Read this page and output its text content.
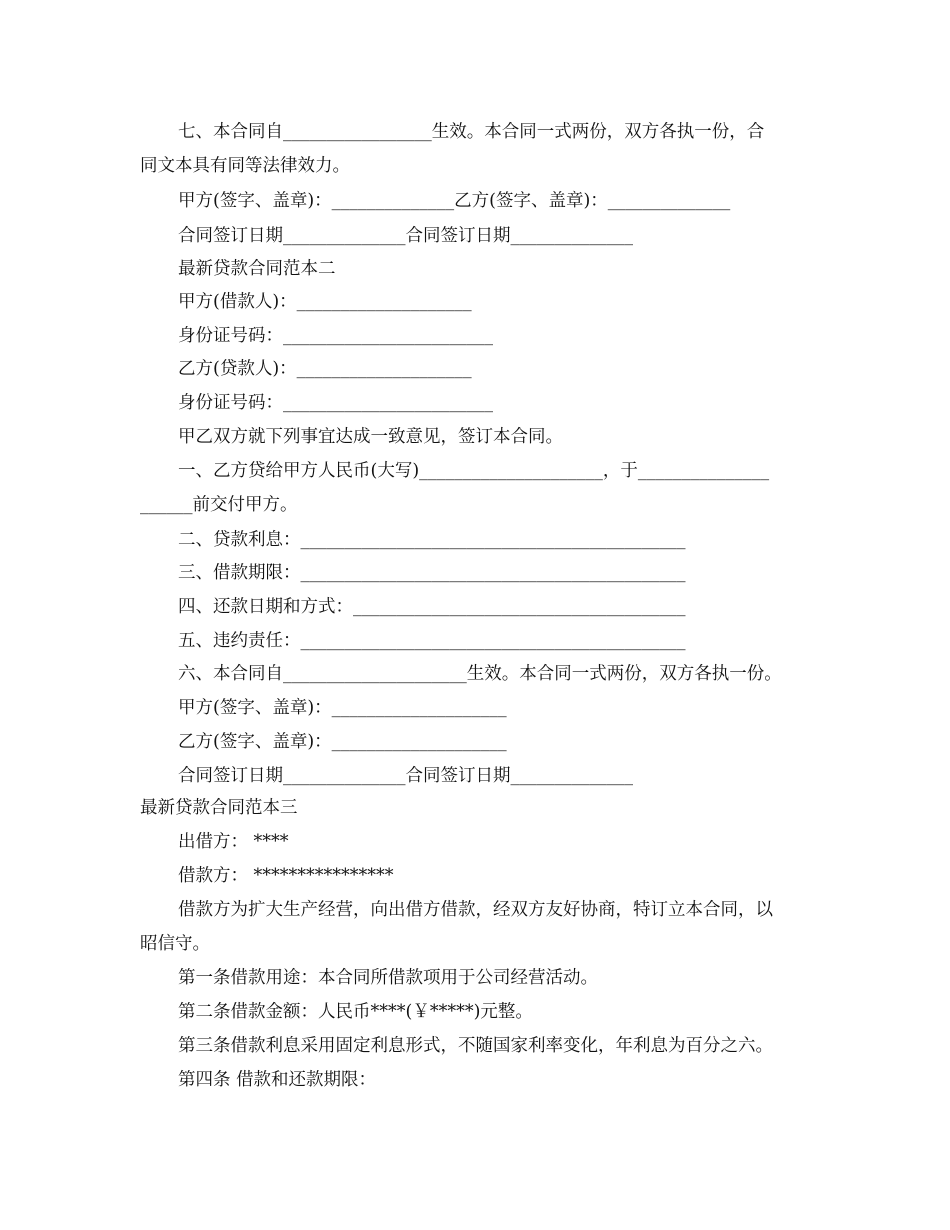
七、本合同自_________________生效。本合同一式两份，双方各执一份，合
同文本具有同等法律效力。
甲方(签字、盖章)：______________乙方(签字、盖章)：______________
合同签订日期______________合同签订日期______________
最新贷款合同范本二
甲方(借款人)：____________________
身份证号码：________________________
乙方(贷款人)：____________________
身份证号码：________________________
甲乙双方就下列事宜达成一致意见，签订本合同。
一、乙方贷给甲方人民币(大写)_____________________，于_______________
______前交付甲方。
二、贷款利息：____________________________________________
三、借款期限：____________________________________________
四、还款日期和方式：______________________________________
五、违约责任：____________________________________________
六、本合同自_____________________生效。本合同一式两份，双方各执一份。
甲方(签字、盖章)：____________________
乙方(签字、盖章)：____________________
合同签订日期______________合同签订日期______________
最新贷款合同范本三
出借方： ****
借款方： ****************
借款方为扩大生产经营，向出借方借款，经双方友好协商，特订立本合同，以
昭信守。
第一条借款用途：本合同所借款项用于公司经营活动。
第二条借款金额：人民币****(￥*****)元整。
第三条借款利息采用固定利息形式，不随国家利率变化，年利息为百分之六。
第四条 借款和还款期限：
